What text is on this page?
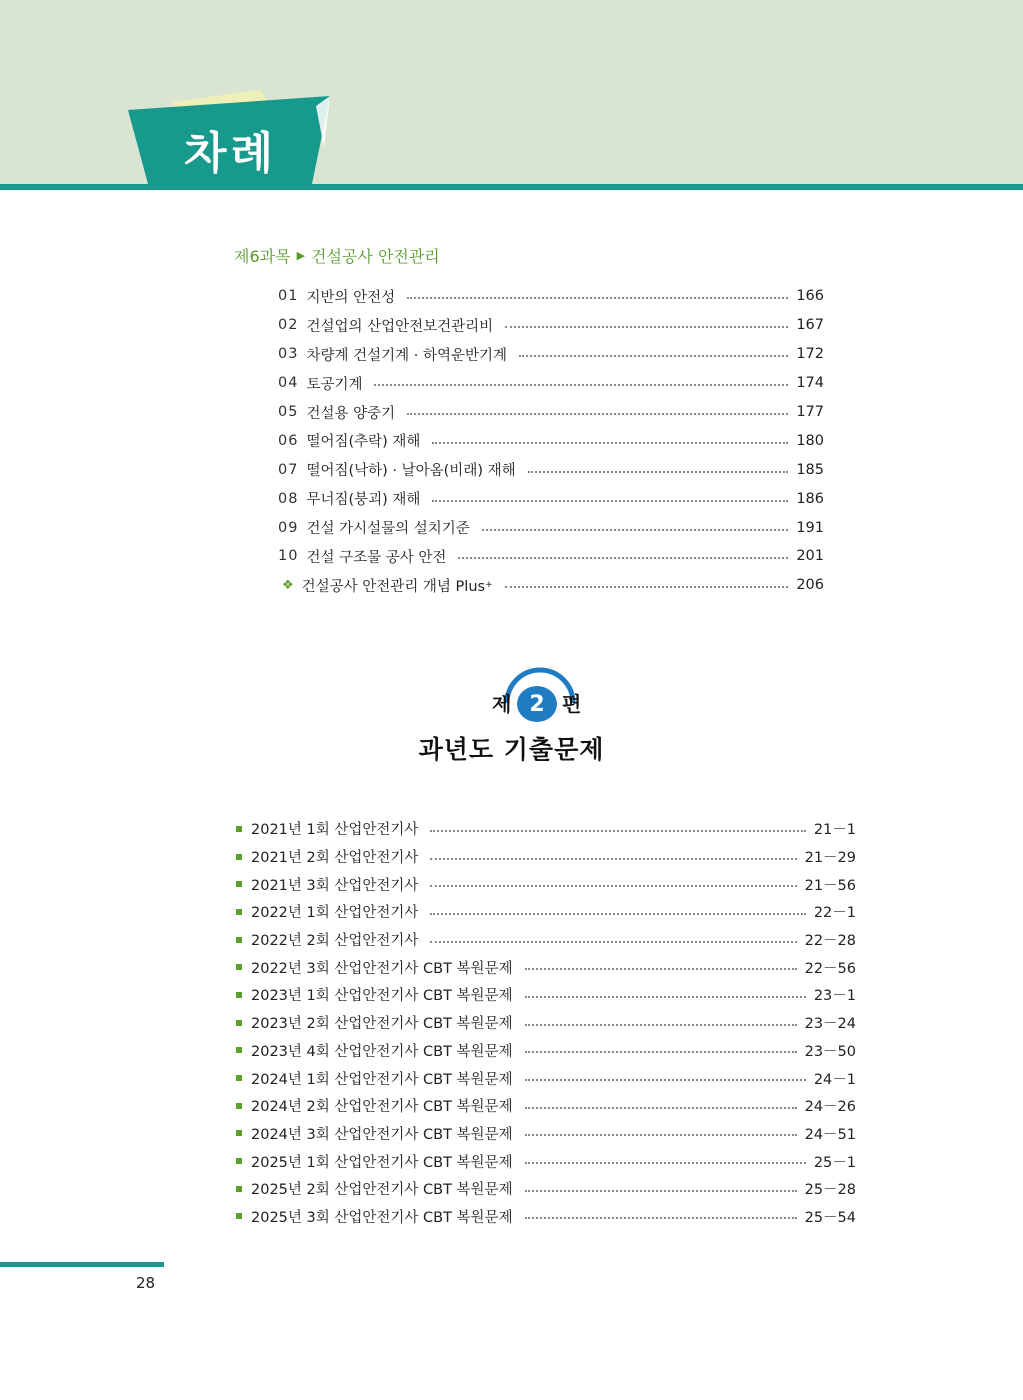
차례

제6과목 ▶ 건설공사 안전관리

01 지반의 안전성	166
02 건설업의 산업안전보건관리비	167
03 차량계 건설기계 · 하역운반기계	172
04 토공기계	174
05 건설용 양중기	177
06 떨어짐(추락) 재해	180
07 떨어짐(낙하) · 날아옴(비래) 재해	185
08 무너짐(붕괴) 재해	186
09 건설 가시설물의 설치기준	191
10 건설 구조물 공사 안전	201
❖ 건설공사 안전관리 개념 Plus +	206

제 2 편

과년도 기출문제
2021년 1회 산업안전기사	21－1
2021년 2회 산업안전기사	21－29
2021년 3회 산업안전기사	21－56
2022년 1회 산업안전기사	22－1
2022년 2회 산업안전기사	22－28
2022년 3회 산업안전기사 CBT 복원문제	22－56
2023년 1회 산업안전기사 CBT 복원문제	23－1
2023년 2회 산업안전기사 CBT 복원문제	23－24
2023년 4회 산업안전기사 CBT 복원문제	23－50
2024년 1회 산업안전기사 CBT 복원문제	24－1
2024년 2회 산업안전기사 CBT 복원문제	24－26
2024년 3회 산업안전기사 CBT 복원문제	24－51
2025년 1회 산업안전기사 CBT 복원문제	25－1
2025년 2회 산업안전기사 CBT 복원문제	25－28
2025년 3회 산업안전기사 CBT 복원문제	25－54

28
